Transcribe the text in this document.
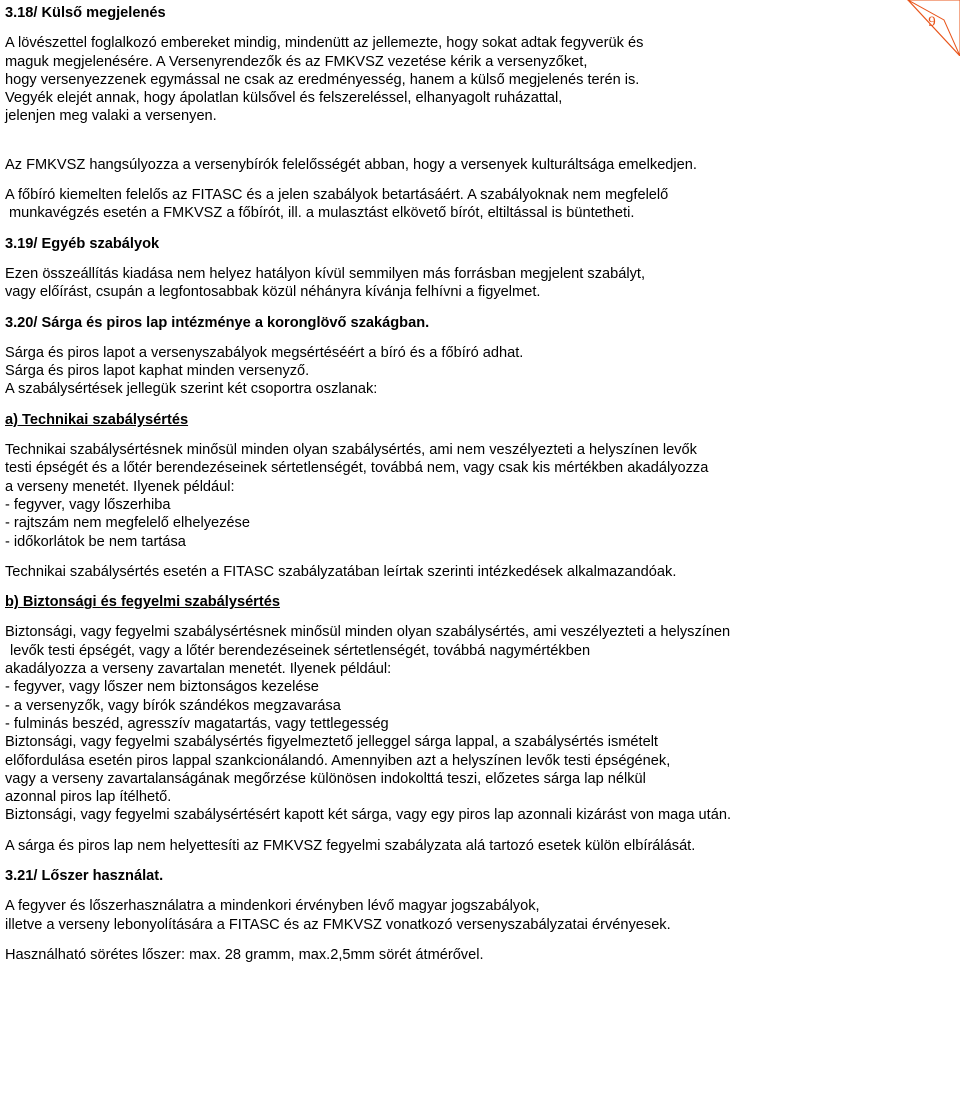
9
3.18/ Külső megjelenés
A lövészettel foglalkozó embereket mindig, mindenütt az jellemezte, hogy sokat adtak fegyverük és
maguk megjelenésére. A Versenyrendezők és az FMKVSZ vezetése kérik a versenyzőket,
hogy versenyezzenek egymással ne csak az eredményesség, hanem a külső megjelenés terén is.
Vegyék elejét annak, hogy ápolatlan külsővel és felszereléssel, elhanyagolt ruházattal,
jelenjen meg valaki a versenyen.
Az FMKVSZ hangsúlyozza a versenybírók felelősségét abban, hogy a versenyek kulturáltsága emelkedjen.
A főbíró kiemelten felelős az FITASC és a jelen szabályok betartásáért. A szabályoknak nem megfelelő
munkavégzés esetén a FMKVSZ a főbírót, ill. a mulasztást elkövető bírót, eltiltással is büntetheti.
3.19/ Egyéb szabályok
Ezen összeállítás kiadása nem helyez hatályon kívül semmilyen más forrásban megjelent szabályt,
vagy előírást, csupán a legfontosabbak közül néhányra kívánja felhívni a figyelmet.
3.20/ Sárga és piros lap intézménye a koronglövő szakágban.
Sárga és piros lapot a versenyszabályok megsértéséért a bíró és a főbíró adhat.
Sárga és piros lapot kaphat minden versenyző.
A szabálysértések jellegük szerint két csoportra oszlanak:
a) Technikai szabálysértés
Technikai szabálysértésnek minősül minden olyan szabálysértés, ami nem veszélyezteti a helyszínen levők
testi épségét és a lőtér berendezéseinek sértetlenségét, továbbá nem, vagy csak kis mértékben akadályozza
a verseny menetét. Ilyenek például:
- fegyver, vagy lőszerhiba
- rajtszám nem megfelelő elhelyezése
- időkorlátok be nem tartása
Technikai szabálysértés esetén a FITASC szabályzatában leírtak szerinti intézkedések alkalmazandóak.
b) Biztonsági és fegyelmi szabálysértés
Biztonsági, vagy fegyelmi szabálysértésnek minősül minden olyan szabálysértés, ami veszélyezteti a helyszínen
levők testi épségét, vagy a lőtér berendezéseinek sértetlenségét, továbbá nagymértékben
akadályozza a verseny zavartalan menetét. Ilyenek például:
- fegyver, vagy lőszer nem biztonságos kezelése
- a versenyzők, vagy bírók szándékos megzavarása
- fulminás beszéd, agresszív magatartás, vagy tettlegesség
Biztonsági, vagy fegyelmi szabálysértés figyelmeztető jelleggel sárga lappal, a szabálysértés ismételt
előfordulása esetén piros lappal szankcionálandó. Amennyiben azt a helyszínen levők testi épségének,
vagy a verseny zavartalanságának megőrzése különösen indokolttá teszi, előzetes sárga lap nélkül
azonnal piros lap ítélhető.
Biztonsági, vagy fegyelmi szabálysértésért kapott két sárga, vagy egy piros lap azonnali kizárást von maga után.
A sárga és piros lap nem helyettesíti az FMKVSZ fegyelmi szabályzata alá tartozó esetek külön elbírálását.
3.21/ Lőszer használat.
A fegyver és lőszerhasználatra a mindenkori érvényben lévő magyar jogszabályok,
illetve a verseny lebonyolítására a FITASC és az FMKVSZ vonatkozó versenyszabályzatai érvényesek.
Használható sörétes lőszer: max. 28 gramm, max.2,5mm sörét átmérővel.
